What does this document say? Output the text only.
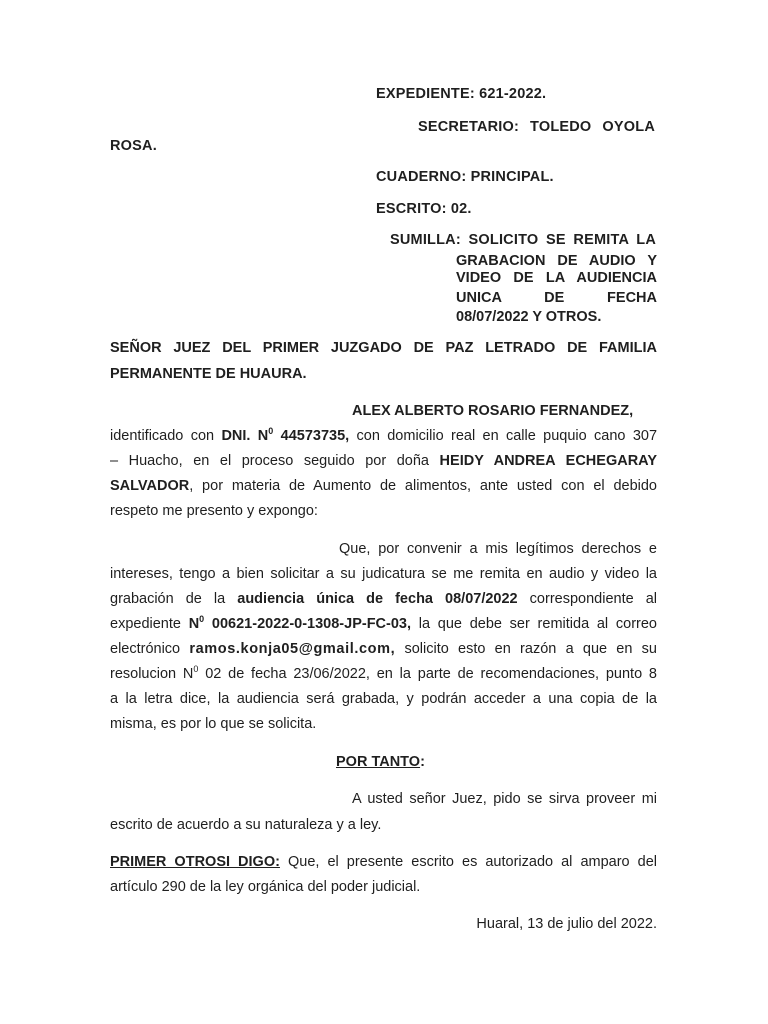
EXPEDIENTE: 621-2022.
SECRETARIO: TOLEDO OYOLA
ROSA.
CUADERNO: PRINCIPAL.
ESCRITO: 02.
SUMILLA: SOLICITO SE REMITA LA
GRABACION DE AUDIO Y
VIDEO DE LA AUDIENCIA
UNICA DE FECHA
08/07/2022 Y OTROS.
SEÑOR JUEZ DEL PRIMER JUZGADO DE PAZ LETRADO DE FAMILIA
PERMANENTE DE HUAURA.
ALEX ALBERTO ROSARIO FERNANDEZ,
identificado con DNI. $N^0$ 44573735, con domicilio real en calle puquio cano 307
– Huacho, en el proceso seguido por doña HEIDY ANDREA ECHEGARAY
SALVADOR, por materia de Aumento de alimentos, ante usted con el debido
respeto me presento y expongo:
Que, por convenir a mis legítimos derechos e
intereses, tengo a bien solicitar a su judicatura se me remita en audio y video la
grabación de la audiencia única de fecha 08/07/2022 correspondiente al
expediente $N^0$ 00621-2022-0-1308-JP-FC-03, la que debe ser remitida al correo
electrónico ramos.konja05@gmail.com, solicito esto en razón a que en su
resolucion $N^0$ 02 de fecha 23/06/2022, en la parte de recomendaciones, punto 8
a la letra dice, la audiencia será grabada, y podrán acceder a una copia de la
misma, es por lo que se solicita.
POR TANTO:
A usted señor Juez, pido se sirva proveer mi
escrito de acuerdo a su naturaleza y a ley.
PRIMER OTROSI DIGO: Que, el presente escrito es autorizado al amparo del
artículo 290 de la ley orgánica del poder judicial.
Huaral, 13 de julio del 2022.
